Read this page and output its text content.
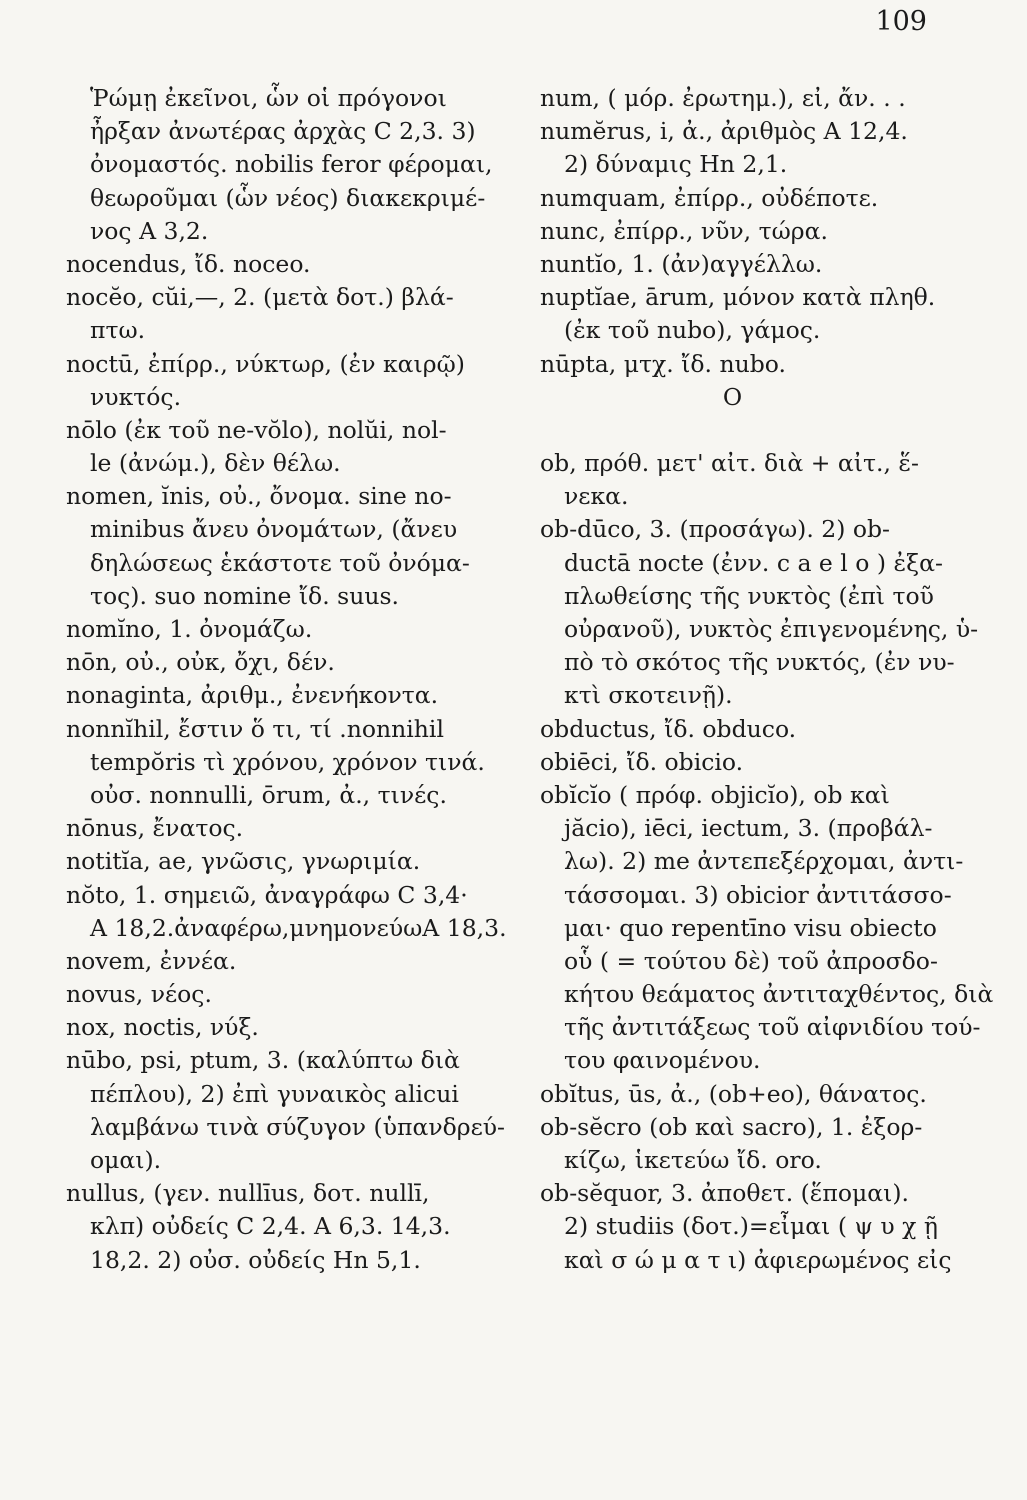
109
Ῥώμῃ ἐκεῖνοι, ὧν οἱ πρόγονοι
ἦρξαν ἀνωτέρας ἀρχὰς C 2,3. 3)
ὀνομαστός. nobilis feror φέρομαι,
θεωροῦμαι (ὧν νέος) διακεκριμέ-
νος A 3,2.
nocendus, ἴδ. noceo.
nocĕo, cŭi,—, 2. (μετὰ δοτ.) βλά-
πτω.
noctū, ἐπίρρ., νύκτωρ, (ἐν καιρῷ)
νυκτός.
nōlo (ἐκ τοῦ ne-vŏlo), nolŭi, nol-
le (ἀνώμ.), δὲν θέλω.
nomen, ĭnis, οὐ., ὄνομα. sine no-
minibus ἄνευ ὀνομάτων, (ἄνευ
δηλώσεως ἑκάστοτε τοῦ ὀνόμα-
τος). suo nomine ἴδ. suus.
nomĭno, 1. ὀνομάζω.
nōn, οὐ., οὐκ, ὄχι, δέν.
nonaginta, ἀριθμ., ἐνενήκοντα.
nonnĭhil, ἔστιν ὅ τι, τί .nonnihil
tempŏris τὶ χρόνου, χρόνον τινά.
οὐσ. nonnulli, ōrum, ἀ., τινές.
nōnus, ἔνατος.
notitĭa, ae, γνῶσις, γνωριμία.
nŏto, 1. σημειῶ, ἀναγράφω C 3,4·
A 18,2.ἀναφέρω,μνημονεύωA 18,3.
novem, ἐννέα.
novus, νέος.
nox, noctis, νύξ.
nūbo, psi, ptum, 3. (καλύπτω διὰ
πέπλου), 2) ἐπὶ γυναικὸς alicui
λαμβάνω τινὰ σύζυγον (ὑπανδρεύ-
ομαι).
nullus, (γεν. nullīus, δοτ. nullī,
κλπ) οὐδείς C 2,4. A 6,3. 14,3.
18,2. 2) οὐσ. οὐδείς Hn 5,1.
num, ( μόρ. ἐρωτημ.), εἰ, ἄν. . .
numĕrus, i, ἀ., ἀριθμὸς A 12,4.
2) δύναμις Hn 2,1.
numquam, ἐπίρρ., οὐδέποτε.
nunc, ἐπίρρ., νῦν, τώρα.
nuntĭo, 1. (ἀν)αγγέλλω.
nuptĭae, ārum, μόνον κατὰ πληθ.
(ἐκ τοῦ nubo), γάμος.
nūpta, μτχ. ἴδ. nubo.
O
ob, πρόθ. μετ' αἰτ. διὰ + αἰτ., ἕ-
νεκα.
ob-dūco, 3. (προσάγω). 2) ob-
ductā nocte (ἐνν. c a e l o ) ἐξα-
πλωθείσης τῆς νυκτὸς (ἐπὶ τοῦ
οὐρανοῦ), νυκτὸς ἐπιγενομένης, ὑ-
πὸ τὸ σκότος τῆς νυκτός, (ἐν νυ-
κτὶ σκοτεινῇ).
obductus, ἴδ. obduco.
obiēci, ἴδ. obicio.
obĭcĭo ( πρόφ. objicĭo), ob καὶ
jăcio), iēci, iectum, 3. (προβάλ-
λω). 2) me ἀντεπεξέρχομαι, ἀντι-
τάσσομαι. 3) obicior ἀντιτάσσο-
μαι· quo repentīno visu obiecto
οὗ ( = τούτου δὲ) τοῦ ἀπροσδο-
κήτου θεάματος ἀντιταχθέντος, διὰ
τῆς ἀντιτάξεως τοῦ αἰφνιδίου τού-
του φαινομένου.
obĭtus, ūs, ἀ., (ob+eo), θάνατος.
ob-sĕcro (ob καὶ sacro), 1. ἐξορ-
κίζω, ἱκετεύω ἴδ. oro.
ob-sĕquor, 3. ἀποθετ. (ἕπομαι).
2) studiis (δοτ.)=εἶμαι ( ψ υ χ ῇ
καὶ σ ώ μ α τ ι) ἀφιερωμένος εἰς
